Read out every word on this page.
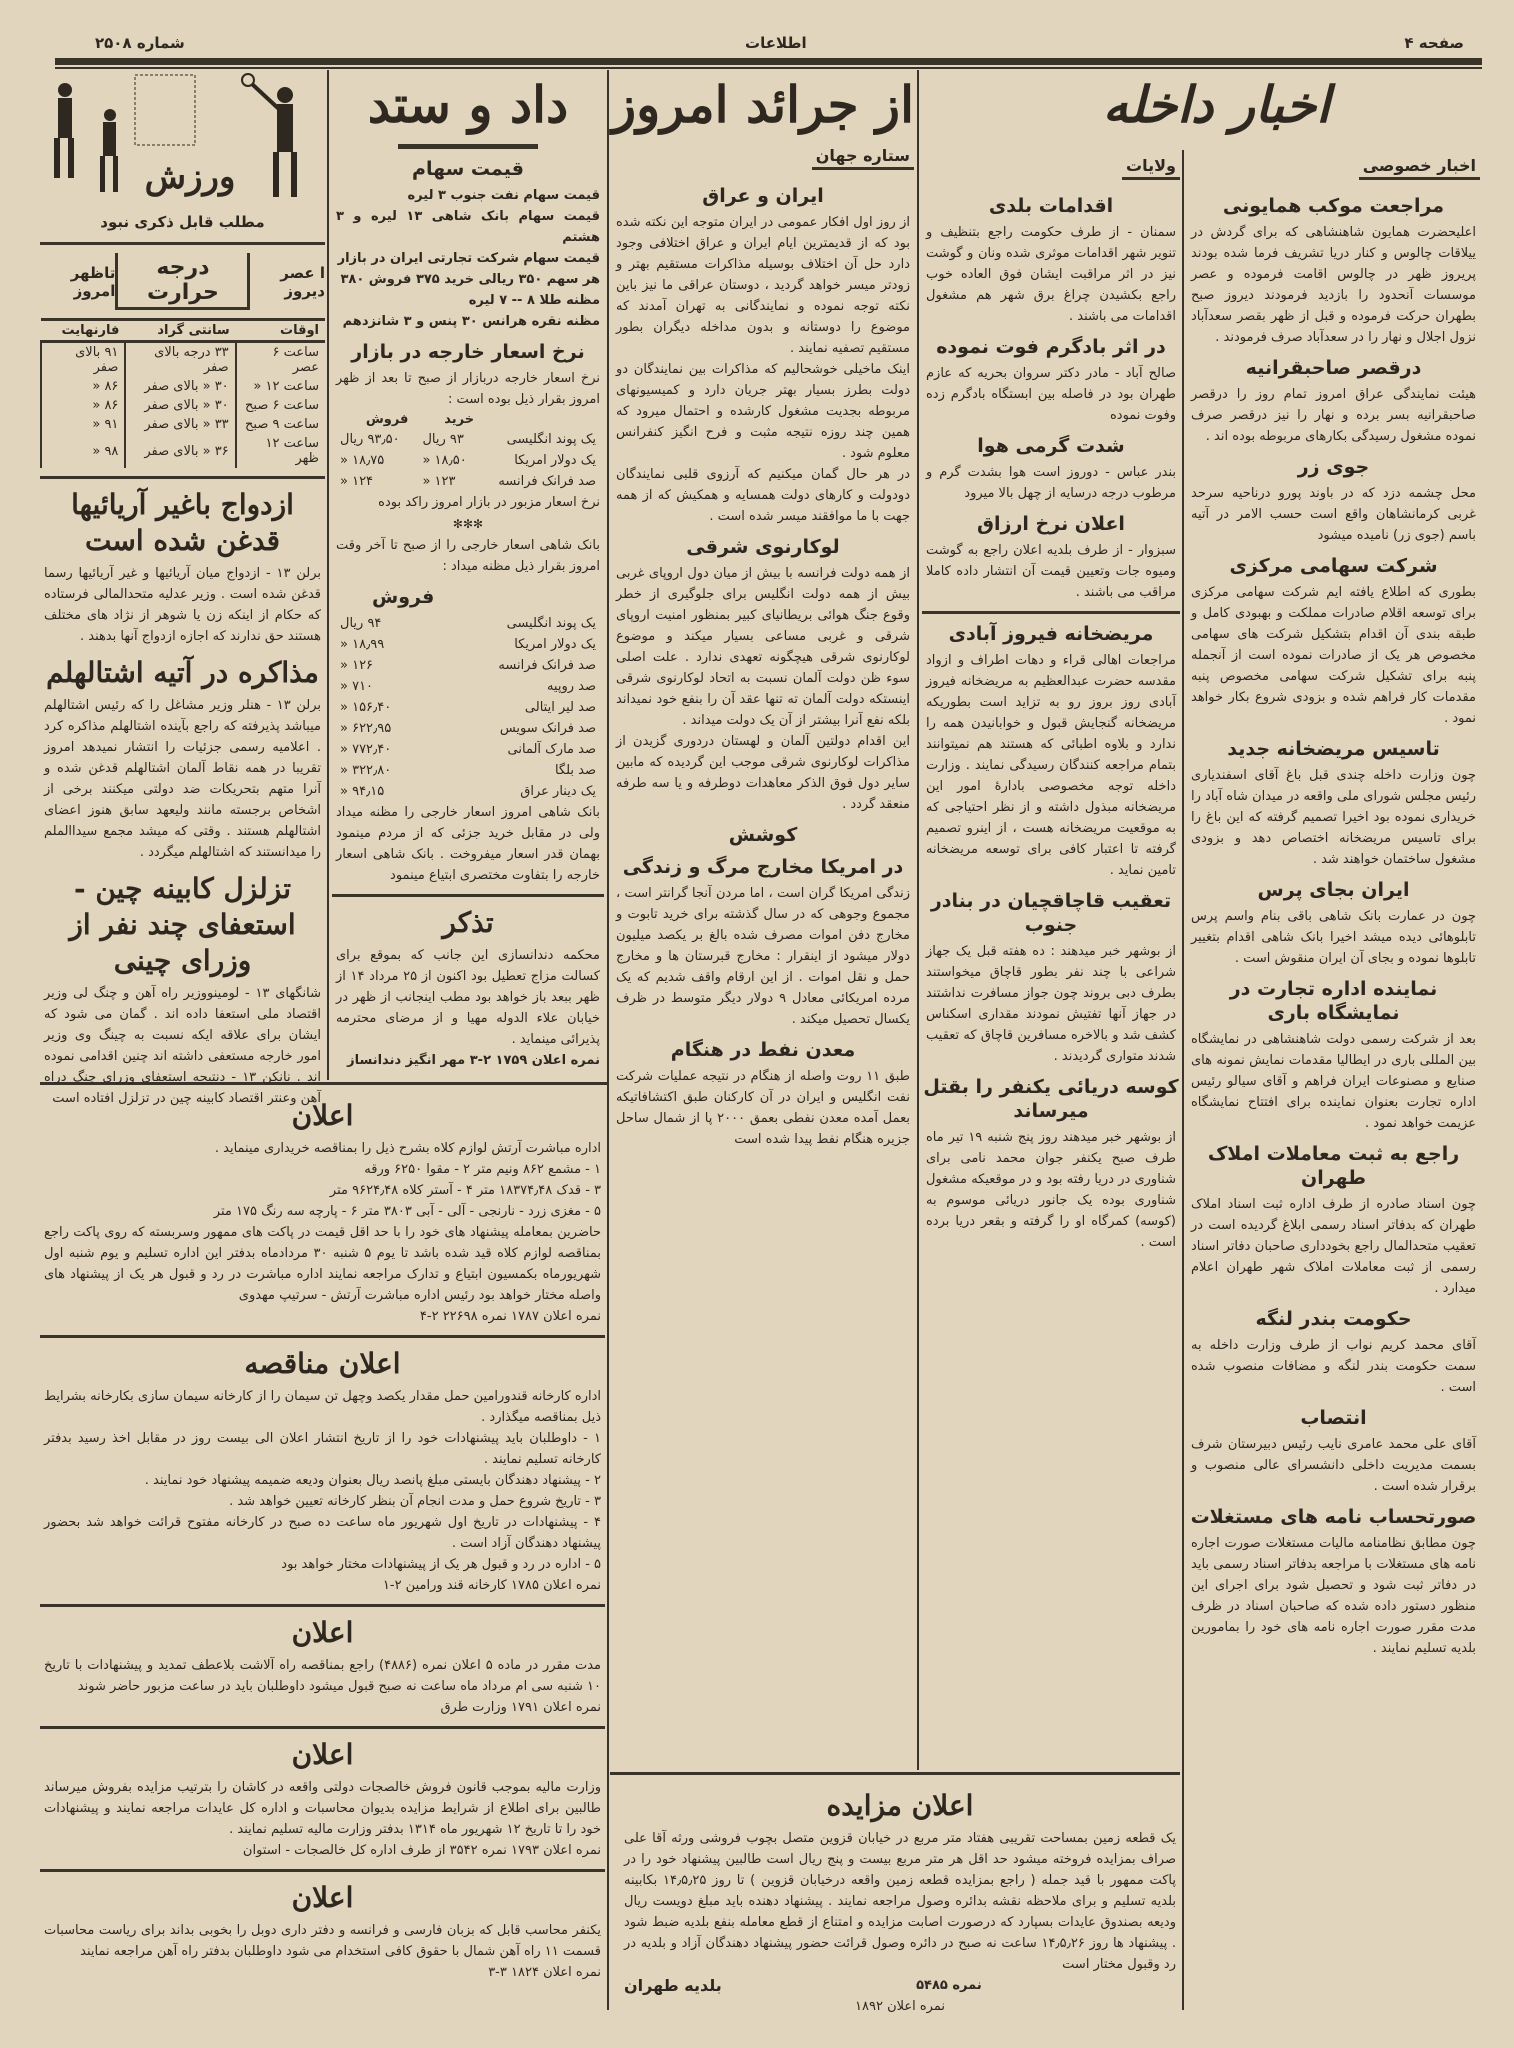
صفحه ۴
اطلاعات
شماره ۲۵۰۸
ورزش
مطلب قابل ذکری نبود
ا عصر دیروز
درجه حرارت
تاظهر امروز
اوقات	سانتی گراد	فارنهایت
ساعت ۶ عصر	۳۳ درجه بالای صفر	۹۱ بالای صفر
ساعت ۱۲ «	۳۰ « بالای صفر	۸۶ «
ساعت ۶ صبح	۳۰ « بالای صفر	۸۶ «
ساعت ۹ صبح	۳۳ « بالای صفر	۹۱ «
ساعت ۱۲ ظهر	۳۶ « بالای صفر	۹۸ «
ازدواج باغیر آریائیها قدغن شده است
برلن ۱۳ - ازدواج میان آریائیها و غیر آریائیها رسما قدغن شده است . وزیر عدلیه متحدالمالی فرستاده که حکام از اینکه زن یا شوهر از نژاد های مختلف هستند حق ندارند که اجازه ازدواج آنها بدهند .
مذاکره در آتیه اشتالهلم
برلن ۱۳ - هنلر وزیر مشاغل را که رئیس اشتالهلم میباشد پذیرفته که راجع بآینده اشتالهلم مذاکره کرد . اعلامیه رسمی جزئیات را انتشار نمیدهد امروز تقریبا در همه نقاط آلمان اشتالهلم قدغن شده و آنرا متهم بتحریکات ضد دولتی میکنند برخی از اشخاص برجسته مانند ولیعهد سابق هنوز اعضای اشتالهلم هستند . وقتی که میشد مجمع سیداالملم را میدانستند که اشتالهلم میگردد .
تزلزل کابینه چین - استعفای چند نفر از وزرای چینی
شانگهای ۱۳ - لومینووزیر راه آهن و چنگ لی وزیر اقتصاد ملی استعفا داده اند . گمان می شود که ایشان برای علاقه ایکه نسبت به چینگ وی وزیر امور خارجه مستعفی داشته اند چنین اقدامی نموده اند . نانکن ۱۳ - دنتیجه استعفای وزرای چنگ دراه آهن وعنتر اقتصاد کابینه چین در تزلزل افتاده است
داد و ستد
قیمت سهام
قیمت سهام نفت جنوب ۳ لیره
قیمت سهام بانک شاهی ۱۳ لیره و ۳ هشتم
قیمت سهام شرکت تجارتی ایران در بازار
هر سهم ۳۵۰ ریالی خرید ۳۷۵ فروش ۳۸۰
مظنه طلا ۸ -- ۷ لیره
مظنه نقره هرانس ۳۰ پنس و ۳ شانزدهم
نرخ اسعار خارجه در بازار
نرخ اسعار خارجه دربازار از صبح تا بعد از ظهر امروز بقرار ذیل بوده است :
	خرید	فروش
یک پوند انگلیسی	۹۳ ریال	۹۳٫۵۰ ریال
یک دولار امریکا	۱۸٫۵۰ «	۱۸٫۷۵ «
صد فرانک فرانسه	۱۲۳ «	۱۲۴ «
نرخ اسعار مزبور در بازار امروز راکد بوده
✻✻✻
بانک شاهی اسعار خارجی را از صبح تا آخر وقت امروز بقرار ذیل مظنه میداد :
فروش
یک پوند انگلیسی	۹۴ ریال
یک دولار امریکا	۱۸٫۹۹ «
صد فرانک فرانسه	۱۲۶ «
صد روپیه	۷۱۰ «
صد لیر ایتالی	۱۵۶٫۴۰ «
صد فرانک سویس	۶۲۲٫۹۵ «
صد مارک آلمانی	۷۷۲٫۴۰ «
صد بلگا	۳۲۲٫۸۰ «
یک دینار عراق	۹۴٫۱۵ «
بانک شاهی امروز اسعار خارجی را مظنه میداد ولی در مقابل خرید جزئی که از مردم مینمود بهمان قدر اسعار میفروخت . بانک شاهی اسعار خارجه را بتفاوت مختصری ابتیاع مینمود
تذکر
محکمه دندانسازی این جانب که بموقع برای کسالت مزاج تعطیل بود اکنون از ۲۵ مرداد ۱۴ از ظهر ببعد باز خواهد بود مطب اینجانب از ظهر در خیابان علاء الدوله مهیا و از مرضای محترمه پذیرائی مینماید .
نمره اعلان ۱۷۵۹ ۲-۳ مهر انگیز دندانساز
از جرائد امروز
ستاره جهان
ایران و عراق
از روز اول افکار عمومی در ایران متوجه این نکته شده بود که از قدیمترین ایام ایران و عراق اختلافی وجود دارد حل آن اختلاف بوسیله مذاکرات مستقیم بهتر و زودتر میسر خواهد گردید ، دوستان عراقی ما نیز باین نکته توجه نموده و نمایندگانی به تهران آمدند که موضوع را دوستانه و بدون مداخله دیگران بطور مستقیم تصفیه نمایند .
اینک ماخیلی خوشحالیم که مذاکرات بین نمایندگان دو دولت بطرز بسیار بهتر جریان دارد و کمیسیونهای مربوطه بجدیت مشغول کارشده و احتمال میرود که همین چند روزه نتیجه مثبت و فرح انگیز کنفرانس معلوم شود .
در هر حال گمان میکنیم که آرزوی قلبی نمایندگان دودولت و کارهای دولت همسایه و همکیش که از همه جهت با ما موافقند میسر شده است .
لوکارنوی شرقی
از همه دولت فرانسه با بیش از میان دول اروپای غربی بیش از همه دولت انگلیس برای جلوگیری از خطر وقوع جنگ هوائی بریطانیای کبیر بمنظور امنیت اروپای شرقی و غربی مساعی بسیار میکند و موضوع لوکارنوی شرقی هیچگونه تعهدی ندارد . علت اصلی سوء ظن دولت آلمان نسبت به اتحاد لوکارنوی شرقی اینستکه دولت آلمان ته تنها عقد آن را بنفع خود نمیداند بلکه نفع آنرا بیشتر از آن یک دولت میداند .
این اقدام دولتین آلمان و لهستان دردوری گزیدن از مذاکرات لوکارنوی شرقی موجب این گردیده که مابین سایر دول فوق الذکر معاهدات دوطرفه و یا سه طرفه منعقد گردد .
کوشش
در امریکا مخارج مرگ و زندگی
زندگی امریکا گران است ، اما مردن آنجا گرانتر است ، مجموع وجوهی که در سال گذشته برای خرید تابوت و مخارج دفن اموات مصرف شده بالغ بر یکصد میلیون دولار میشود از اینقرار : مخارج قبرستان ها و مخارج حمل و نقل اموات . از این ارقام واقف شدیم که یک مرده امریکائی معادل ۹ دولار دیگر متوسط در ظرف یکسال تحصیل میکند .
معدن نفط در هنگام
طبق ۱۱ روت واصله از هنگام در نتیجه عملیات شرکت نفت انگلیس و ایران در آن کارکنان طبق اکتشافاتیکه بعمل آمده معدن نفطی بعمق ۲۰۰۰ پا از شمال ساحل جزیره هنگام نفط پیدا شده است
اخبار داخله
ولایات
اقدامات بلدی
سمنان - از طرف حکومت راجع بتنظیف و تنویر شهر اقدامات موثری شده ونان و گوشت نیز در اثر مراقبت ایشان فوق العاده خوب راجع بکشیدن چراغ برق شهر هم مشغول اقدامات می باشند .
در اثر بادگرم فوت نموده
صالح آباد - مادر دکتر سروان بحریه که عازم طهران بود در فاصله بین ابستگاه بادگرم زده وفوت نموده
شدت گرمی هوا
بندر عباس - دوروز است هوا بشدت گرم و مرطوب درجه درسایه از چهل بالا میرود
اعلان نرخ ارزاق
سبزوار - از طرف بلدیه اعلان راجع به گوشت ومیوه جات وتعیین قیمت آن انتشار داده کاملا مراقب می باشند .
مریضخانه فیروز آبادی
مراجعات اهالی قراء و دهات اطراف و ازواد مقدسه حضرت عبدالعظیم به مریضخانه فیروز آبادی روز بروز رو به تزاید است بطوریکه مریضخانه گنجایش قبول و خوابانیدن همه را ندارد و بلاوه اطبائی که هستند هم نمیتوانند بتمام مراجعه کنندگان رسیدگی نمایند . وزارت داخله توجه مخصوصی بادارهٔ امور این مریضخانه مبذول داشته و از نظر احتیاجی که به موقعیت مریضخانه هست ، از اینرو تصمیم گرفته تا اعتبار کافی برای توسعه مریضخانه تامین نماید .
تعقیب قاچاقچیان در بنادر جنوب
از بوشهر خبر میدهند : ده هفته قبل یک جهاز شراعی با چند نفر بطور قاچاق میخواستند بطرف دبی بروند چون جواز مسافرت نداشتند در جهاز آنها تفتیش نمودند مقداری اسکناس کشف شد و بالاخره مسافرین قاچاق که تعقیب شدند متواری گردیدند .
کوسه دریائی یکنفر را بقتل میرساند
از بوشهر خبر میدهند روز پنج شنبه ۱۹ تیر ماه طرف صبح یکنفر جوان محمد نامی برای شناوری در دریا رفته بود و در موقعیکه مشغول شناوری بوده یک جانور دریائی موسوم به (کوسه) کمرگاه او را گرفته و بقعر دریا برده است .
اخبار خصوصی
مراجعت موکب همایونی
اعلیحضرت همایون شاهنشاهی که برای گردش در ییلاقات چالوس و کنار دریا تشریف فرما شده بودند پریروز ظهر در چالوس اقامت فرموده و عصر موسسات آنحدود را بازدید فرمودند دیروز صبح بطهران حرکت فرموده و قبل از ظهر بقصر سعدآباد نزول اجلال و نهار را در سعدآباد صرف فرمودند .
درقصر صاحبقرانیه
هیئت نمایندگی عراق امروز تمام روز را درقصر صاحبقرانیه بسر برده و نهار را نیز درقصر صرف نموده مشغول رسیدگی بکارهای مربوطه بوده اند .
جوی زر
محل چشمه دزد که در باوند پورو درناحیه سرحد غربی کرمانشاهان واقع است حسب الامر در آتیه باسم (جوی زر) نامیده میشود
شرکت سهامی مرکزی
بطوری که اطلاع یافته ایم شرکت سهامی مرکزی برای توسعه اقلام صادرات مملکت و بهبودی کامل و طبقه بندی آن اقدام بتشکیل شرکت های سهامی مخصوص هر یک از صادرات نموده است از آنجمله پنبه برای تشکیل شرکت سهامی مخصوص پنبه مقدمات کار فراهم شده و بزودی شروع بکار خواهد نمود .
تاسیس مریضخانه جدید
چون وزارت داخله چندی قبل باغ آقای اسفندیاری رئیس مجلس شورای ملی واقعه در میدان شاه آباد را خریداری نموده بود اخیرا تصمیم گرفته که این باغ را برای تاسیس مریضخانه اختصاص دهد و بزودی مشغول ساختمان خواهند شد .
ایران بجای پرس
چون در عمارت بانک شاهی باقی بنام واسم پرس تابلوهائی دیده میشد اخیرا بانک شاهی اقدام بتغییر تابلوها نموده و بجای آن ایران منقوش است .
نماینده اداره تجارت در نمایشگاه باری
بعد از شرکت رسمی دولت شاهنشاهی در نمایشگاه بین المللی باری در ایطالیا مقدمات نمایش نمونه های صنایع و مصنوعات ایران فراهم و آقای سیالو رئیس اداره تجارت بعنوان نماینده برای افتتاح نمایشگاه عزیمت خواهد نمود .
راجع به ثبت معاملات املاک طهران
چون اسناد صادره از طرف اداره ثبت اسناد املاک طهران که بدفاتر اسناد رسمی ابلاغ گردیده است در تعقیب متحدالمال راجع بخودداری صاحبان دفاتر اسناد رسمی از ثبت معاملات املاک شهر طهران اعلام میدارد .
حکومت بندر لنگه
آقای محمد کریم نواب از طرف وزارت داخله به سمت حکومت بندر لنگه و مضافات منصوب شده است .
انتصاب
آقای علی محمد عامری نایب رئیس دبیرستان شرف بسمت مدیریت داخلی دانشسرای عالی منصوب و برقرار شده است .
صورتحساب نامه های مستغلات
چون مطابق نظامنامه مالیات مستغلات صورت اجاره نامه های مستغلات با مراجعه بدفاتر اسناد رسمی باید در دفاتر ثبت شود و تحصیل شود برای اجرای این منظور دستور داده شده که صاحبان اسناد در ظرف مدت مقرر صورت اجاره نامه های خود را بمامورین بلدیه تسلیم نمایند .
اعلان
اداره مباشرت آرتش لوازم کلاه بشرح ذیل را بمناقصه خریداری مینماید .
۱ - مشمع ۸۶۲ ونیم متر ۲ - مقوا ۶۲۵۰ ورقه
۳ - قدک ۱۸۳۷۴٫۴۸ متر ۴ - آستر کلاه ۹۶۲۴٫۴۸ متر
۵ - مغزی زرد - نارنجی - آلی - آبی ۳۸۰۳ متر ۶ - پارچه سه رنگ ۱۷۵ متر
حاضرین بمعامله پیشنهاد های خود را با حد اقل قیمت در پاکت های ممهور وسربسته که روی پاکت راجع بمناقصه لوازم کلاه قید شده باشد تا یوم ۵ شنبه ۳۰ مردادماه بدفتر این اداره تسلیم و یوم شنبه اول شهریورماه بکمسیون ابتیاع و تدارک مراجعه نمایند اداره مباشرت در رد و قبول هر یک از پیشنهاد های واصله مختار خواهد بود رئیس اداره مباشرت آرتش - سرتیپ مهدوی
نمره اعلان ۱۷۸۷ نمره ۲۲۶۹۸ ۲-۴
اعلان مناقصه
اداره کارخانه قندورامین حمل مقدار یکصد وچهل تن سیمان را از کارخانه سیمان سازی بکارخانه بشرایط ذیل بمناقصه میگذارد .
۱ - داوطلبان باید پیشنهادات خود را از تاریخ انتشار اعلان الی بیست روز در مقابل اخذ رسید بدفتر کارخانه تسلیم نمایند .
۲ - پیشنهاد دهندگان بایستی مبلغ پانصد ریال بعنوان ودیعه ضمیمه پیشنهاد خود نمایند .
۳ - تاریخ شروع حمل و مدت انجام آن بنظر کارخانه تعیین خواهد شد .
۴ - پیشنهادات در تاریخ اول شهریور ماه ساعت ده صبح در کارخانه مفتوح قرائت خواهد شد بحضور پیشنهاد دهندگان آزاد است .
۵ - اداره در رد و قبول هر یک از پیشنهادات مختار خواهد بود
نمره اعلان ۱۷۸۵ کارخانه قند ورامین ۲-۱
اعلان
مدت مقرر در ماده ۵ اعلان نمره (۴۸۸۶) راجع بمناقصه راه آلاشت بلاعطف تمدید و پیشنهادات با تاریخ ۱۰ شنبه سی ام مرداد ماه ساعت نه صبح قبول میشود داوطلبان باید در ساعت مزبور حاضر شوند
نمره اعلان ۱۷۹۱ وزارت طرق
اعلان
وزارت مالیه بموجب قانون فروش خالصجات دولتی واقعه در کاشان را بترتیب مزایده بفروش میرساند طالبین برای اطلاع از شرایط مزایده بدیوان محاسبات و اداره کل عایدات مراجعه نمایند و پیشنهادات خود را تا تاریخ ۱۲ شهریور ماه ۱۳۱۴ بدفتر وزارت مالیه تسلیم نمایند .
نمره اعلان ۱۷۹۳ نمره ۳۵۴۲ از طرف اداره کل خالصجات - استوان
اعلان
یکنفر محاسب قابل که بزبان فارسی و فرانسه و دفتر داری دوبل را بخوبی بداند برای ریاست محاسبات قسمت ۱۱ راه آهن شمال با حقوق کافی استخدام می شود داوطلبان بدفتر راه آهن مراجعه نمایند
نمره اعلان ۱۸۲۴ ۳-۳
اعلان مزایده
یک قطعه زمین بمساحت تقریبی هفتاد متر مربع در خیابان قزوین متصل بچوب فروشی ورثه آقا علی صراف بمزایده فروخته میشود حد اقل هر متر مربع بیست و پنج ریال است طالبین پیشنهاد خود را در پاکت ممهور با قید جمله ( راجع بمزایده قطعه زمین واقعه درخیابان قزوین ) تا روز ۱۴٫۵٫۲۵ بکابینه بلدیه تسلیم و برای ملاحظه نقشه بدائره وصول مراجعه نمایند . پیشنهاد دهنده باید مبلغ دویست ریال ودیعه بصندوق عایدات بسپارد که درصورت اصابت مزایده و امتناع از قطع معامله بنفع بلدیه ضبط شود . پیشنهاد ها روز ۱۴٫۵٫۲۶ ساعت نه صبح در دائره وصول قرائت حضور پیشنهاد دهندگان آزاد و بلدیه در رد وقبول مختار است
نمره ۵۴۸۵
بلدیه طهران
نمره اعلان ۱۸۹۲
